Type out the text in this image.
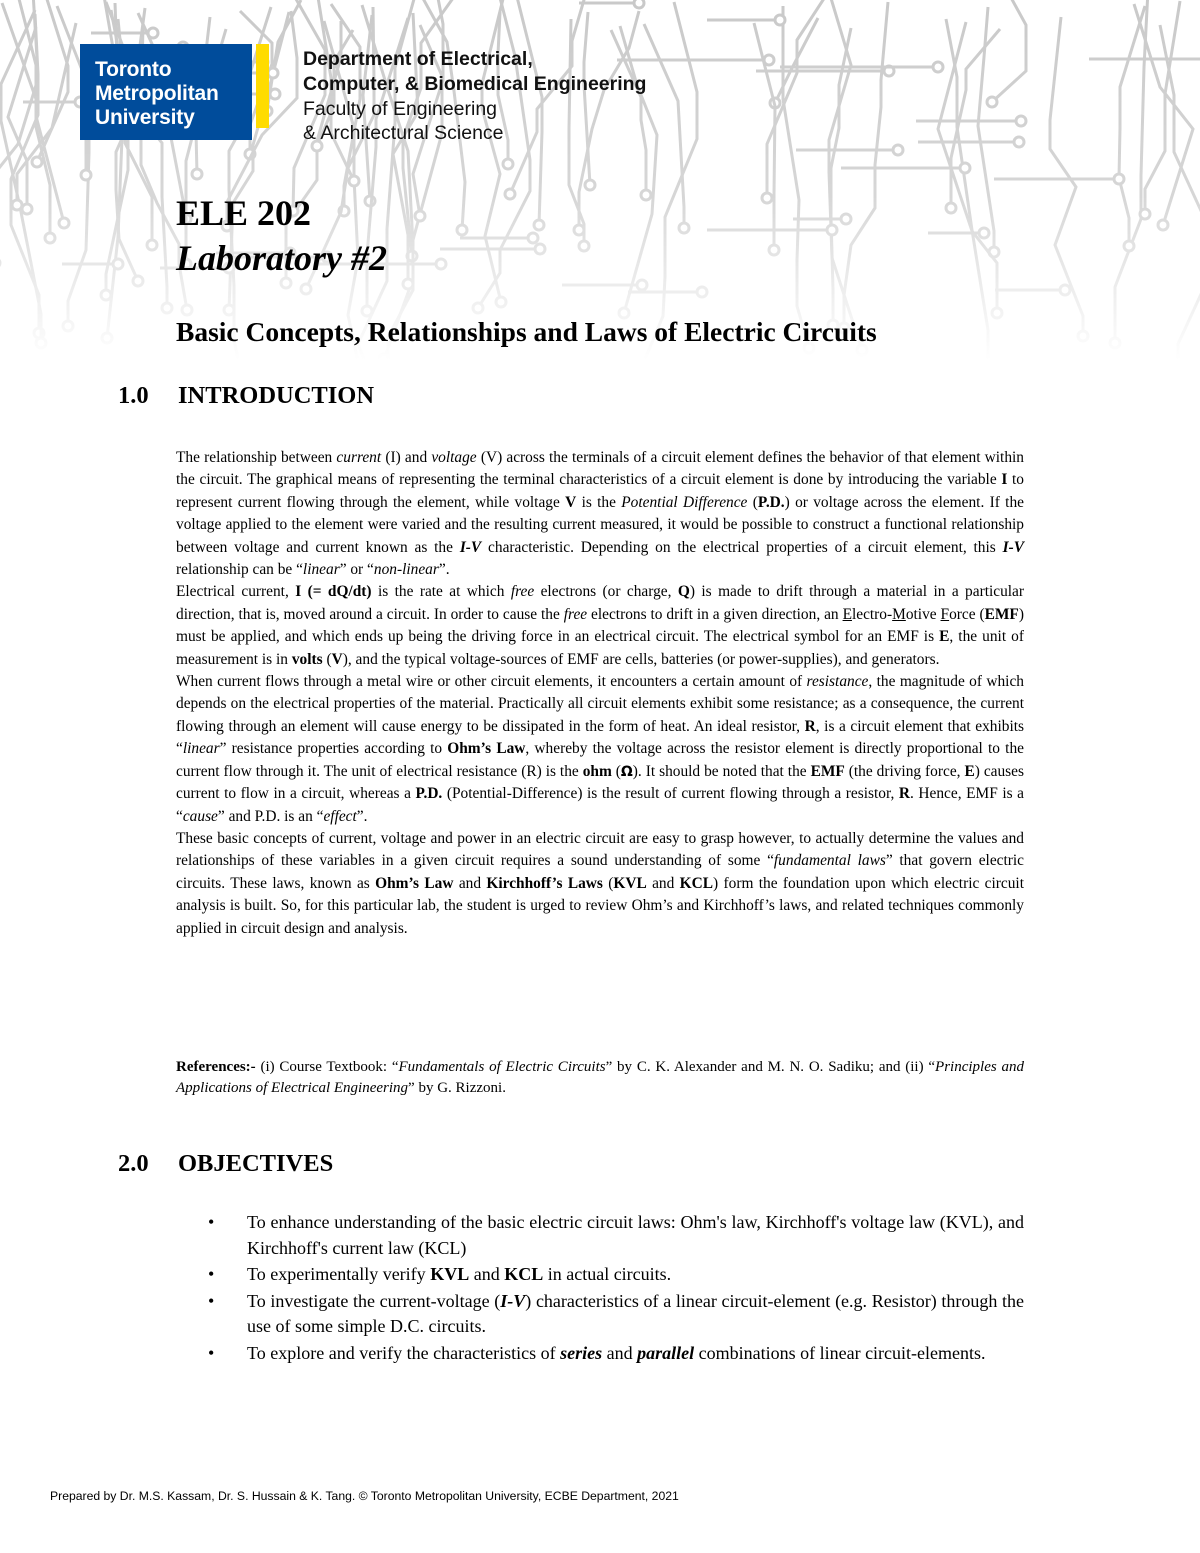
Toronto
Metropolitan
University
Department of Electrical,
Computer, & Biomedical Engineering
Faculty of Engineering
& Architectural Science
ELE 202
Laboratory #2
Basic Concepts, Relationships and Laws of Electric Circuits
1.0 INTRODUCTION

The relationship between current (I) and voltage (V) across the terminals of a circuit element defines the behavior of that element within the circuit. The graphical means of representing the terminal characteristics of a circuit element is done by introducing the variable I to represent current flowing through the element, while voltage V is the Potential Difference (P.D.) or voltage across the element. If the voltage applied to the element were varied and the resulting current measured, it would be possible to construct a functional relationship between voltage and current known as the I-V characteristic. Depending on the electrical properties of a circuit element, this I-V relationship can be “linear” or “non-linear”.

Electrical current, I (= dQ/dt) is the rate at which free electrons (or charge, Q) is made to drift through a material in a particular direction, that is, moved around a circuit. In order to cause the free electrons to drift in a given direction, an Electro-Motive Force (EMF) must be applied, and which ends up being the driving force in an electrical circuit. The electrical symbol for an EMF is E, the unit of measurement is in volts (V), and the typical voltage-sources of EMF are cells, batteries (or power-supplies), and generators.

When current flows through a metal wire or other circuit elements, it encounters a certain amount of resistance, the magnitude of which depends on the electrical properties of the material. Practically all circuit elements exhibit some resistance; as a consequence, the current flowing through an element will cause energy to be dissipated in the form of heat. An ideal resistor, R, is a circuit element that exhibits “linear” resistance properties according to Ohm’s Law, whereby the voltage across the resistor element is directly proportional to the current flow through it. The unit of electrical resistance (R) is the ohm (Ω). It should be noted that the EMF (the driving force, E) causes current to flow in a circuit, whereas a P.D. (Potential-Difference) is the result of current flowing through a resistor, R. Hence, EMF is a “cause” and P.D. is an “effect”.

These basic concepts of current, voltage and power in an electric circuit are easy to grasp however, to actually determine the values and relationships of these variables in a given circuit requires a sound understanding of some “fundamental laws” that govern electric circuits. These laws, known as Ohm’s Law and Kirchhoff’s Laws (KVL and KCL) form the foundation upon which electric circuit analysis is built. So, for this particular lab, the student is urged to review Ohm’s and Kirchhoff’s laws, and related techniques commonly applied in circuit design and analysis.

References:- (i) Course Textbook: “Fundamentals of Electric Circuits” by C. K. Alexander and M. N. O. Sadiku; and (ii) “Principles and Applications of Electrical Engineering” by G. Rizzoni.
2.0 OBJECTIVES
• To enhance understanding of the basic electric circuit laws: Ohm's law, Kirchhoff's voltage law (KVL), and Kirchhoff's current law (KCL)
• To experimentally verify KVL and KCL in actual circuits.
• To investigate the current-voltage (I-V) characteristics of a linear circuit-element (e.g. Resistor) through the use of some simple D.C. circuits.
• To explore and verify the characteristics of series and parallel combinations of linear circuit-elements.
Prepared by Dr. M.S. Kassam, Dr. S. Hussain & K. Tang. © Toronto Metropolitan University, ECBE Department, 2021
